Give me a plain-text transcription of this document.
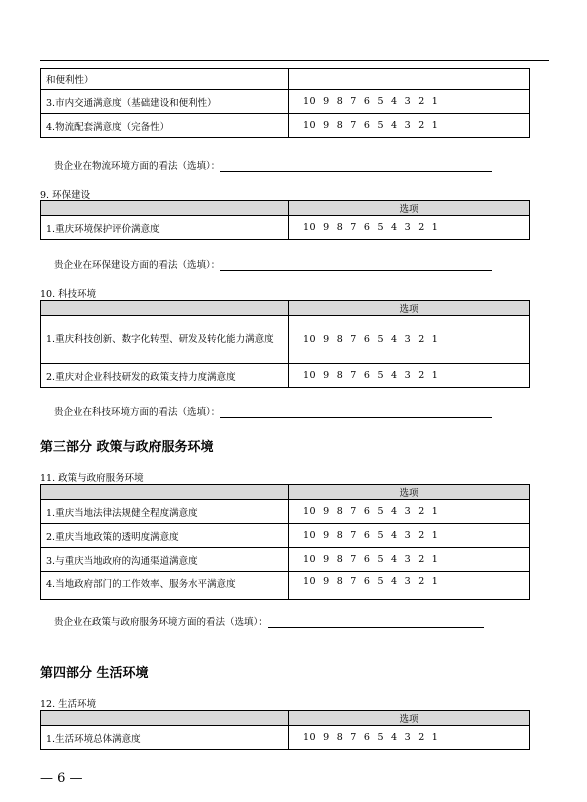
和便利性）	
3.市内交通满意度（基础建设和便利性）	10  9  8  7  6  5  4  3  2  1
4.物流配套满意度（完备性）	10  9  8  7  6  5  4  3  2  1
贵企业在物流环境方面的看法（选填）：
9. 环保建设
	选项
1.重庆环境保护评价满意度	10  9  8  7  6  5  4  3  2  1
贵企业在环保建设方面的看法（选填）：
10. 科技环境
	选项
1.重庆科技创新、数字化转型、研发及转化能力满意度	10  9  8  7  6  5  4  3  2  1
2.重庆对企业科技研发的政策支持力度满意度	10  9  8  7  6  5  4  3  2  1
贵企业在科技环境方面的看法（选填）：
第三部分 政策与政府服务环境
11. 政策与政府服务环境
	选项
1.重庆当地法律法规健全程度满意度	10  9  8  7  6  5  4  3  2  1
2.重庆当地政策的透明度满意度	10  9  8  7  6  5  4  3  2  1
3.与重庆当地政府的沟通渠道满意度	10  9  8  7  6  5  4  3  2  1
4.当地政府部门的工作效率、服务水平满意度	10  9  8  7  6  5  4  3  2  1
贵企业在政策与政府服务环境方面的看法（选填）：
第四部分 生活环境
12. 生活环境
	选项
1.生活环境总体满意度	10  9  8  7  6  5  4  3  2  1
— 6 —
